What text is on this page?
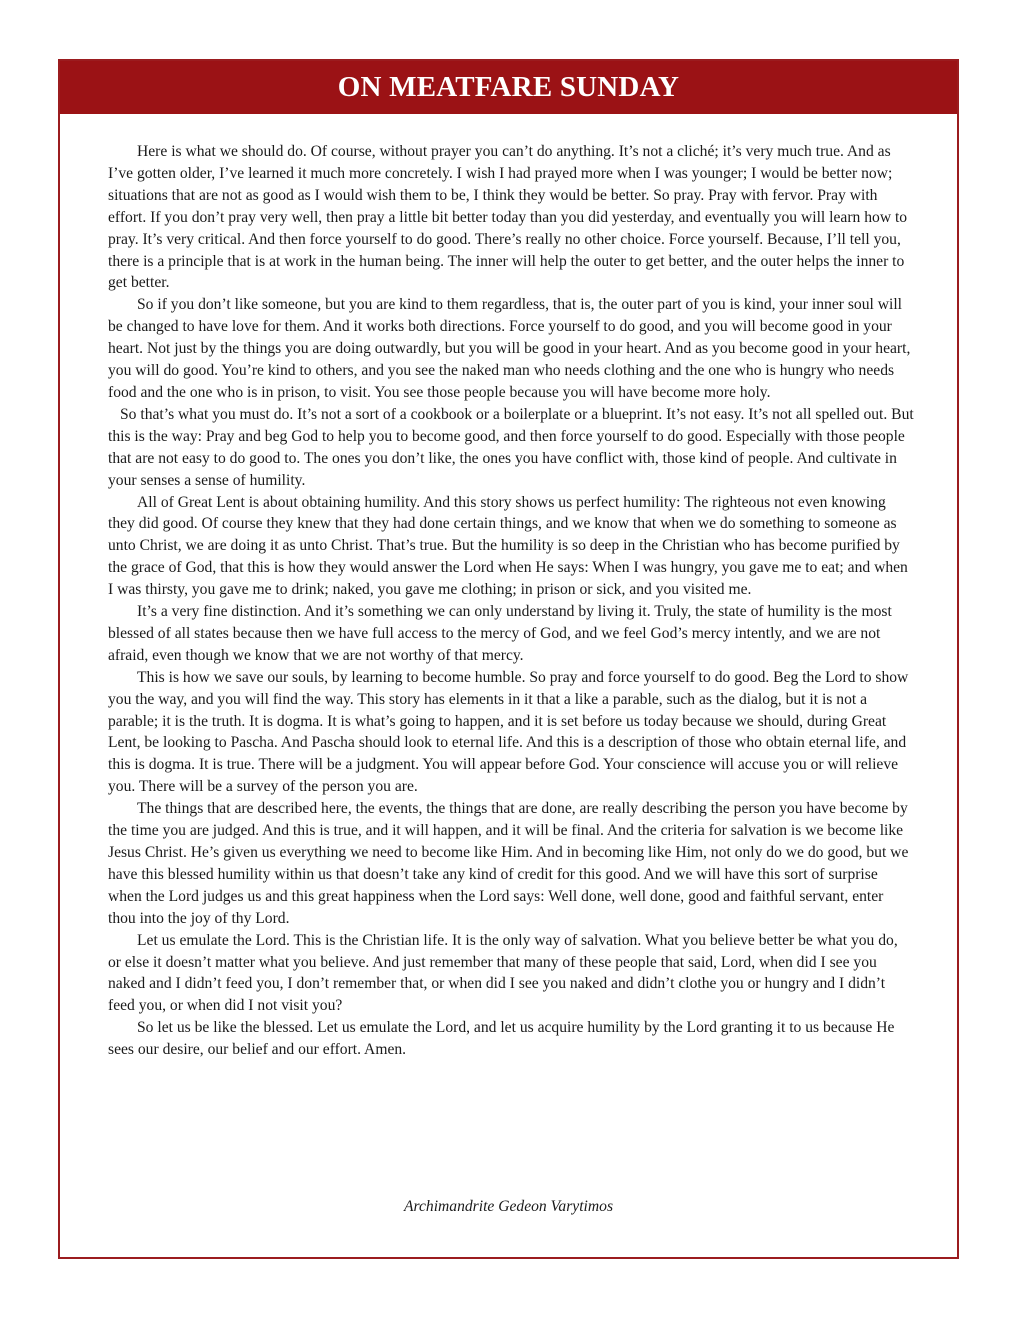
ON MEATFARE SUNDAY

Here is what we should do. Of course, without prayer you can’t do anything. It’s not a cliché; it’s very much true. And as I’ve gotten older, I’ve learned it much more concretely. I wish I had prayed more when I was younger; I would be better now; situations that are not as good as I would wish them to be, I think they would be better. So pray. Pray with fervor. Pray with effort. If you don’t pray very well, then pray a little bit better today than you did yesterday, and eventually you will learn how to pray. It’s very critical. And then force yourself to do good. There’s really no other choice. Force yourself. Because, I’ll tell you, there is a principle that is at work in the human being. The inner will help the outer to get better, and the outer helps the inner to get better.

So if you don’t like someone, but you are kind to them regardless, that is, the outer part of you is kind, your inner soul will be changed to have love for them. And it works both directions. Force yourself to do good, and you will become good in your heart. Not just by the things you are doing outwardly, but you will be good in your heart. And as you become good in your heart, you will do good. You’re kind to others, and you see the naked man who needs clothing and the one who is hungry who needs food and the one who is in prison, to visit. You see those people because you will have become more holy.

So that’s what you must do. It’s not a sort of a cookbook or a boilerplate or a blueprint. It’s not easy. It’s not all spelled out. But this is the way: Pray and beg God to help you to become good, and then force yourself to do good. Especially with those people that are not easy to do good to. The ones you don’t like, the ones you have conflict with, those kind of people. And cultivate in your senses a sense of humility.

All of Great Lent is about obtaining humility. And this story shows us perfect humility: The righteous not even knowing they did good. Of course they knew that they had done certain things, and we know that when we do something to someone as unto Christ, we are doing it as unto Christ. That’s true. But the humility is so deep in the Christian who has become purified by the grace of God, that this is how they would answer the Lord when He says: When I was hungry, you gave me to eat; and when I was thirsty, you gave me to drink; naked, you gave me clothing; in prison or sick, and you visited me.

It’s a very fine distinction. And it’s something we can only understand by living it. Truly, the state of humility is the most blessed of all states because then we have full access to the mercy of God, and we feel God’s mercy intently, and we are not afraid, even though we know that we are not worthy of that mercy.

This is how we save our souls, by learning to become humble. So pray and force yourself to do good. Beg the Lord to show you the way, and you will find the way. This story has elements in it that a like a parable, such as the dialog, but it is not a parable; it is the truth. It is dogma. It is what’s going to happen, and it is set before us today because we should, during Great Lent, be looking to Pascha. And Pascha should look to eternal life. And this is a description of those who obtain eternal life, and this is dogma. It is true. There will be a judgment. You will appear before God. Your conscience will accuse you or will relieve you. There will be a survey of the person you are.

The things that are described here, the events, the things that are done, are really describing the person you have become by the time you are judged. And this is true, and it will happen, and it will be final. And the criteria for salvation is we become like Jesus Christ. He’s given us everything we need to become like Him. And in becoming like Him, not only do we do good, but we have this blessed humility within us that doesn’t take any kind of credit for this good. And we will have this sort of surprise when the Lord judges us and this great happiness when the Lord says: Well done, well done, good and faithful servant, enter thou into the joy of thy Lord.

Let us emulate the Lord. This is the Christian life. It is the only way of salvation. What you believe better be what you do, or else it doesn’t matter what you believe. And just remember that many of these people that said, Lord, when did I see you naked and I didn’t feed you, I don’t remember that, or when did I see you naked and didn’t clothe you or hungry and I didn’t feed you, or when did I not visit you?

So let us be like the blessed. Let us emulate the Lord, and let us acquire humility by the Lord granting it to us because He sees our desire, our belief and our effort. Amen.

Archimandrite Gedeon Varytimos
